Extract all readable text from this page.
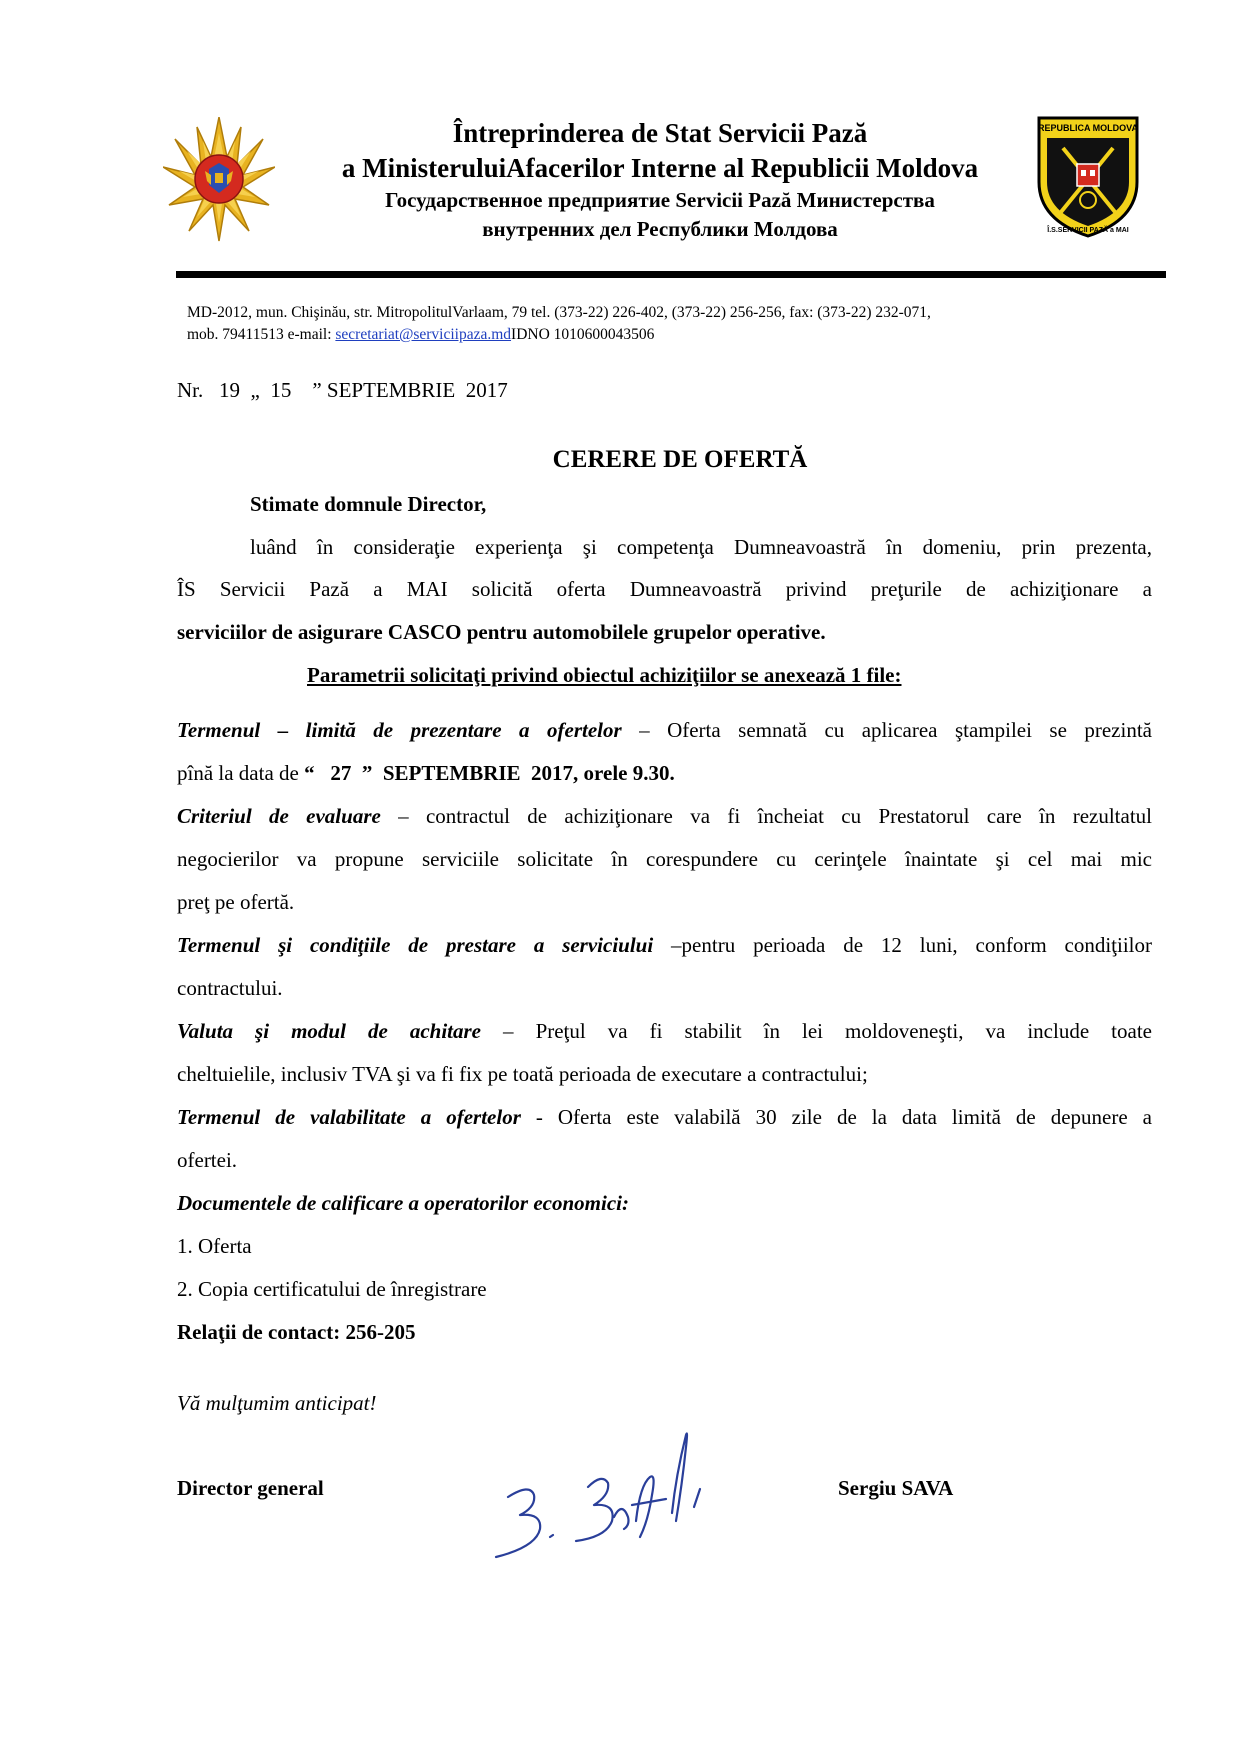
Întreprinderea de Stat Servicii Pază
a MinisteruluiAfacerilor Interne al Republicii Moldova
Государственное предприятие Servicii Pază Министерства
внутренних дел Республики Молдова
REPUBLICA MOLDOVA
Î.S.SERVICII PAZĂ a MAI
MD-2012, mun. Chişinău, str. MitropolitulVarlaam, 79 tel. (373-22) 226-402, (373-22) 256-256, fax: (373-22) 232-071,
mob. 79411513 e-mail: secretariat@serviciipaza.mdIDNO 1010600043506
Nr.   19  „  15    ” SEPTEMBRIE  2017
CERERE DE OFERTĂ
Stimate domnule Director,
luând în consideraţie experienţa şi competenţa Dumneavoastră în domeniu, prin prezenta,
ÎS Servicii Pază a MAI solicită oferta Dumneavoastră privind preţurile de achiziţionare a
serviciilor de asigurare CASCO pentru automobilele grupelor operative.
Parametrii solicitaţi privind obiectul achiziţiilor se anexează 1 file:
Termenul – limită de prezentare a ofertelor – Oferta semnată cu aplicarea ştampilei se prezintă
pînă la data de “   27  ”  SEPTEMBRIE  2017, orele 9.30.
Criteriul de evaluare – contractul de achiziţionare va fi încheiat cu Prestatorul care în rezultatul
negocierilor va propune serviciile solicitate în corespundere cu cerinţele înaintate şi cel mai mic
preţ pe ofertă.
Termenul şi condiţiile de prestare a serviciului –pentru perioada de 12 luni, conform condiţiilor
contractului.
Valuta şi modul de achitare – Preţul va fi stabilit în lei moldoveneşti, va include toate
cheltuielile, inclusiv TVA şi va fi fix pe toată perioada de executare a contractului;
Termenul de valabilitate a ofertelor - Oferta este valabilă 30 zile de la data limită de depunere a
ofertei.
Documentele de calificare a operatorilor economici:
1. Oferta
2. Copia certificatului de înregistrare
Relaţii de contact: 256-205
Vă mulţumim anticipat!
Director general	Sergiu SAVA
